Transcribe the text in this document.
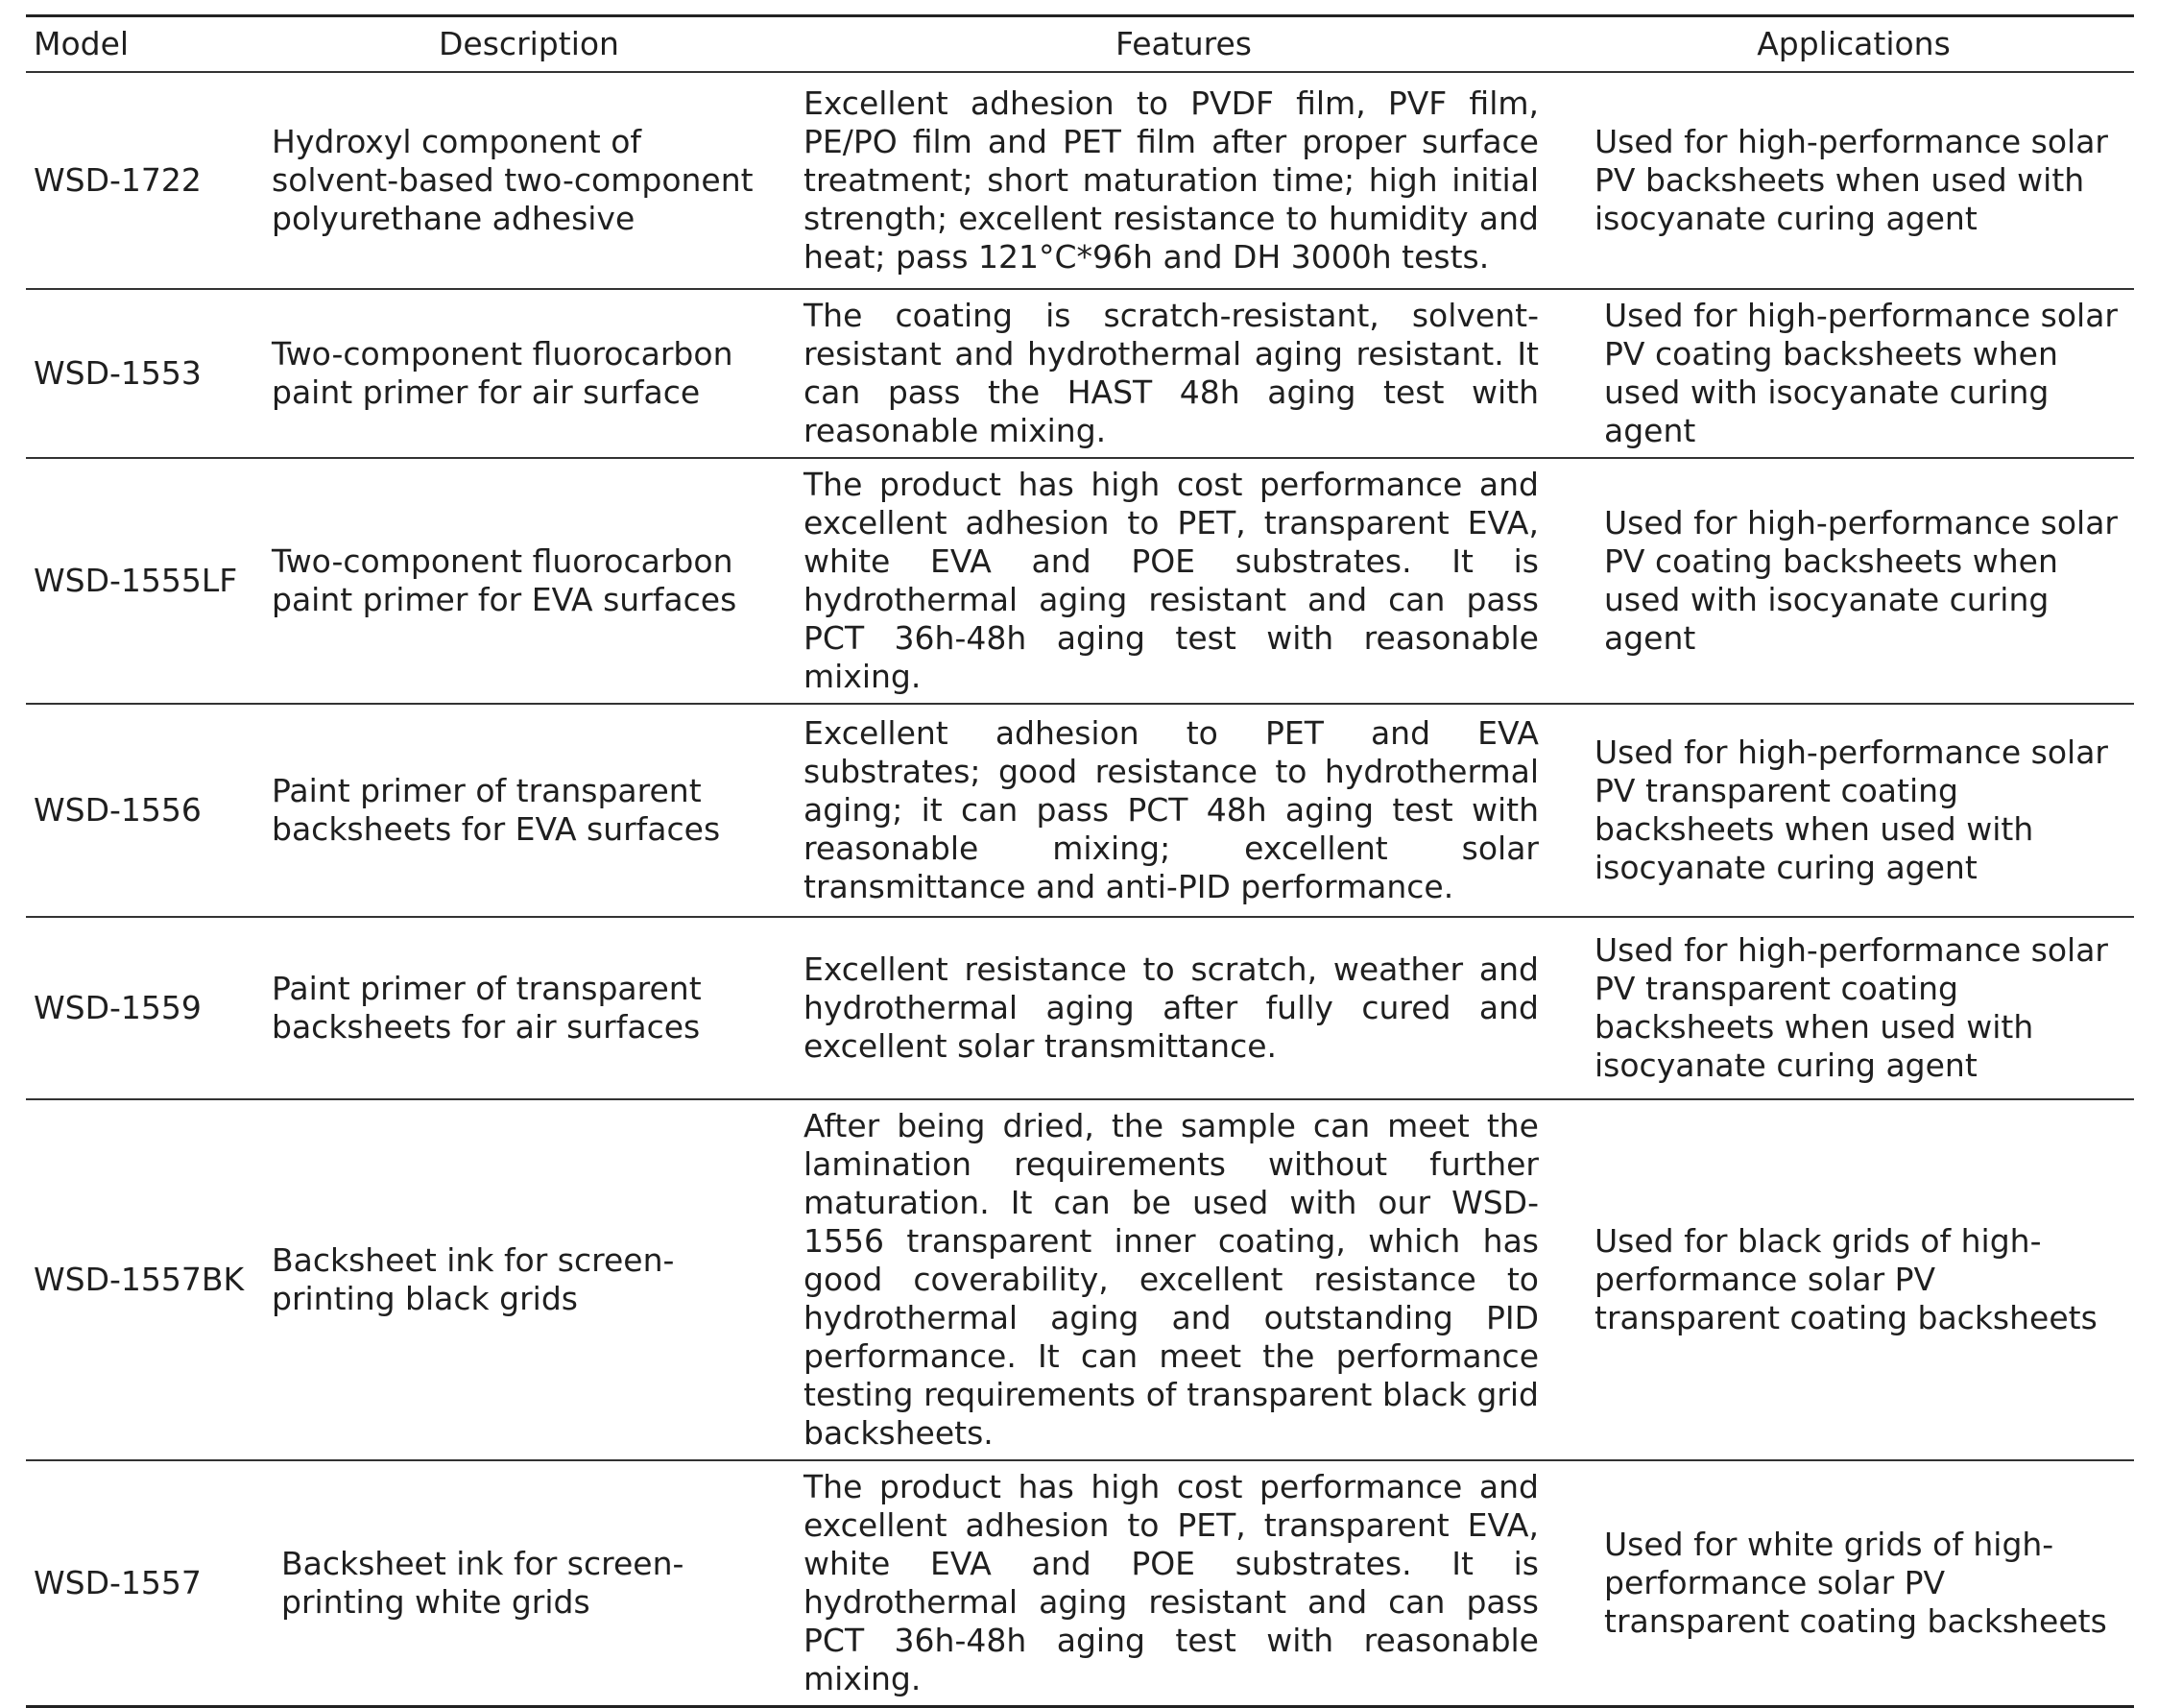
Model	Description	Features	Applications
WSD-1722	Hydroxyl component of solvent-based two-component polyurethane adhesive	Excellent adhesion to PVDF film, PVF film, PE/PO film and PET film after proper surface treatment; short maturation time; high initial strength; excellent resistance to humidity and heat; pass 121°C*96h and DH 3000h tests.	Used for high-performance solar PV backsheets when used with isocyanate curing agent
WSD-1553	Two-component fluorocarbon paint primer for air surface	The coating is scratch-resistant, solvent-resistant and hydrothermal aging resistant. It can pass the HAST 48h aging test with reasonable mixing.	Used for high-performance solar PV coating backsheets when used with isocyanate curing agent
WSD-1555LF	Two-component fluorocarbon paint primer for EVA surfaces	The product has high cost performance and excellent adhesion to PET, transparent EVA, white EVA and POE substrates. It is hydrothermal aging resistant and can pass PCT 36h-48h aging test with reasonable mixing.	Used for high-performance solar PV coating backsheets when used with isocyanate curing agent
WSD-1556	Paint primer of transparent backsheets for EVA surfaces	Excellent adhesion to PET and EVA substrates; good resistance to hydrothermal aging; it can pass PCT 48h aging test with reasonable mixing; excellent solar transmittance and anti-PID performance.	Used for high-performance solar PV transparent coating backsheets when used with isocyanate curing agent
WSD-1559	Paint primer of transparent backsheets for air surfaces	Excellent resistance to scratch, weather and hydrothermal aging after fully cured and excellent solar transmittance.	Used for high-performance solar PV transparent coating backsheets when used with isocyanate curing agent
WSD-1557BK	Backsheet ink for screen-printing black grids	After being dried, the sample can meet the lamination requirements without further maturation. It can be used with our WSD-1556 transparent inner coating, which has good coverability, excellent resistance to hydrothermal aging and outstanding PID performance. It can meet the performance testing requirements of transparent black grid backsheets.	Used for black grids of high-performance solar PV transparent coating backsheets
WSD-1557	Backsheet ink for screen-printing white grids	The product has high cost performance and excellent adhesion to PET, transparent EVA, white EVA and POE substrates. It is hydrothermal aging resistant and can pass PCT 36h-48h aging test with reasonable mixing.	Used for white grids of high-performance solar PV transparent coating backsheets
